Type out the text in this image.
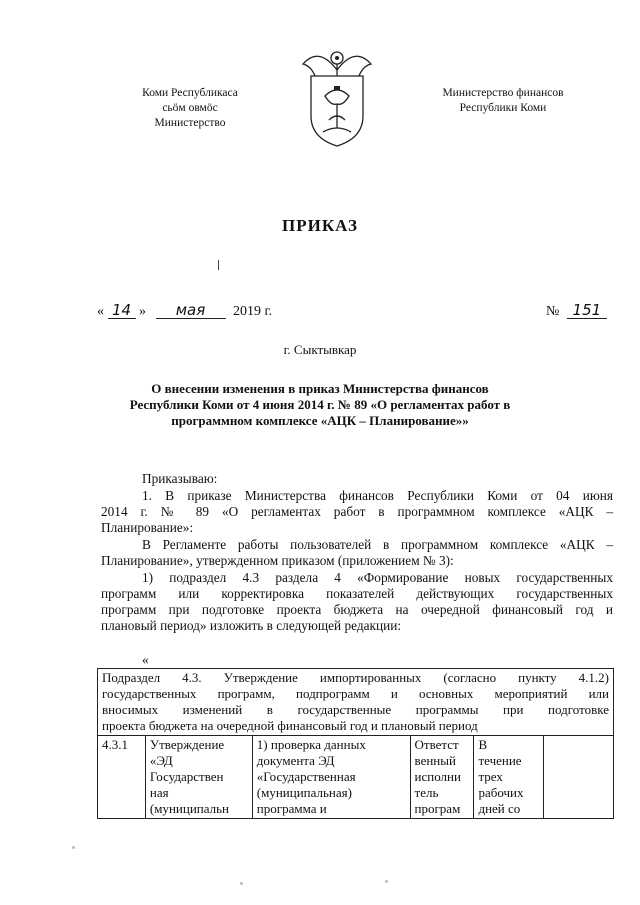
Коми Республикаса
сьӧм овмӧс
Министерство
Министерство финансов
Республики Коми
ПРИКАЗ
« 14 » мая 2019 г.	№ 151
г. Сыктывкар
О внесении изменения в приказ Министерства финансов
Республики Коми от 4 июня 2014 г. № 89 «О регламентах работ в
программном комплексе «АЦК – Планирование»»
Приказываю:
1. В приказе Министерства финансов Республики Коми от 04 июня
2014 г. № 89 «О регламентах работ в программном комплексе «АЦК –
Планирование»:
В Регламенте работы пользователей в программном комплексе «АЦК –
Планирование», утвержденном приказом (приложением № 3):
1) подраздел 4.3 раздела 4 «Формирование новых государственных
программ или корректировка показателей действующих государственных
программ при подготовке проекта бюджета на очередной финансовый год и
плановый период» изложить в следующей редакции:
«
Подраздел 4.3. Утверждение импортированных (согласно пункту 4.1.2)
государственных программ, подпрограмм и основных мероприятий или
вносимых изменений в государственные программы при подготовке
проекта бюджета на очередной финансовый год и плановый период

4.3.1	Утверждение
«ЭД
Государствен
ная
(муниципальн

1) проверка данных
документа ЭД
«Государственная
(муниципальная)
программа и

Ответст
венный
исполни
тель
програм

В
течение
трех
рабочих
дней со
